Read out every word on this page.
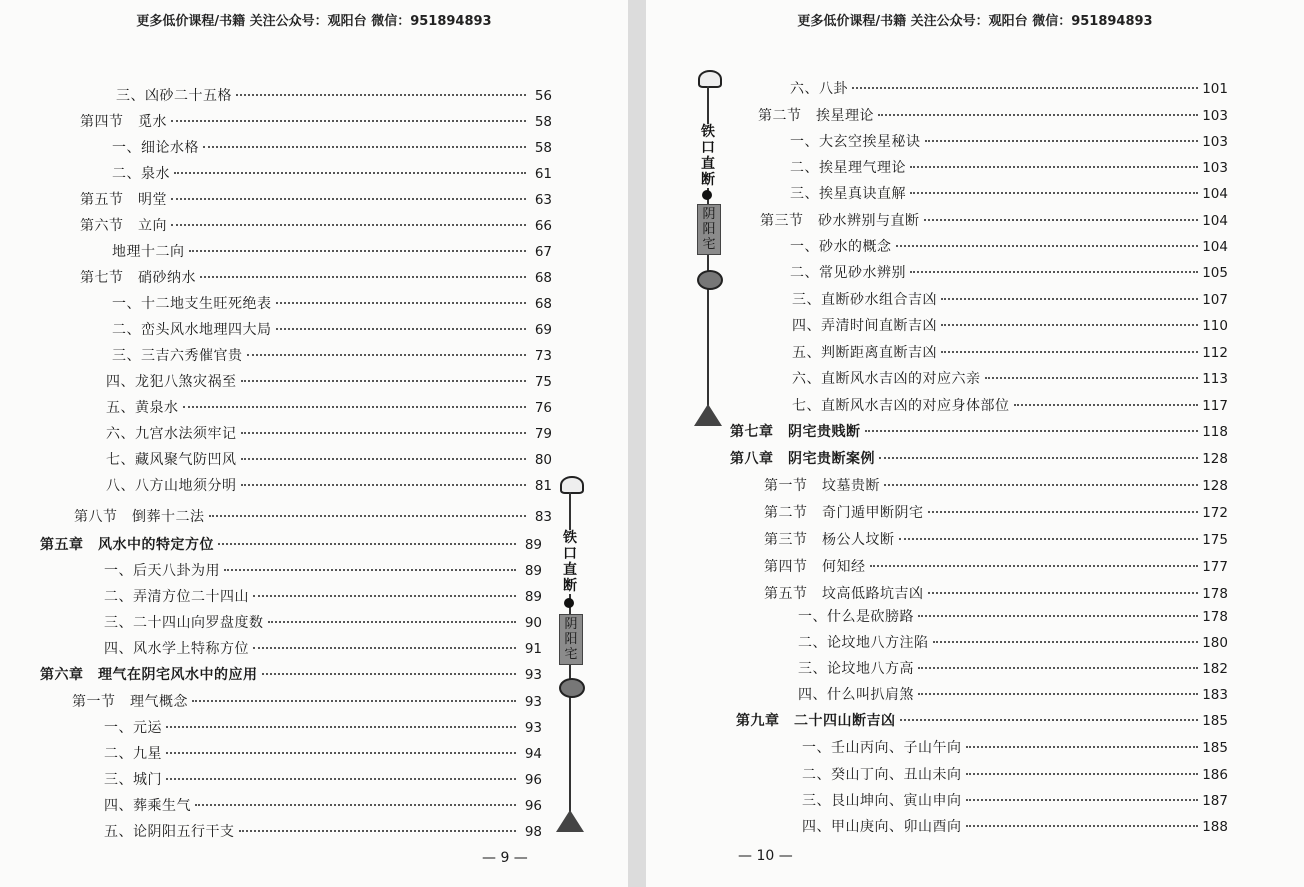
更多低价课程/书籍 关注公众号：观阳台 微信：951894893
三、凶砂二十五格	56
第四节　觅水	58
一、细论水格	58
二、泉水	61
第五节　明堂	63
第六节　立向	66
地理十二向	67
第七节　硝砂纳水	68
一、十二地支生旺死绝表	68
二、峦头风水地理四大局	69
三、三吉六秀催官贵	73
四、龙犯八煞灾祸至	75
五、黄泉水	76
六、九宫水法须牢记	79
七、藏风聚气防凹风	80
八、八方山地须分明	81
第八节　倒葬十二法	83
第五章　风水中的特定方位	89
一、后天八卦为用	89
二、弄清方位二十四山	89
三、二十四山向罗盘度数	90
四、风水学上特称方位	91
第六章　理气在阴宅风水中的应用	93
第一节　理气概念	93
一、元运	93
二、九星	94
三、城门	96
四、葬乘生气	96
五、论阴阳五行干支	98
— 9 —
铁
口
直
断
阴
阳
宅
更多低价课程/书籍 关注公众号：观阳台 微信：951894893
铁
口
直
断
阴
阳
宅
六、八卦	101
第二节　挨星理论	103
一、大玄空挨星秘诀	103
二、挨星理气理论	103
三、挨星真诀直解	104
第三节　砂水辨别与直断	104
一、砂水的概念	104
二、常见砂水辨别	105
三、直断砂水组合吉凶	107
四、弄清时间直断吉凶	110
五、判断距离直断吉凶	112
六、直断风水吉凶的对应六亲	113
七、直断风水吉凶的对应身体部位	117
第七章　阴宅贵贱断	118
第八章　阴宅贵断案例	128
第一节　坟墓贵断	128
第二节　奇门遁甲断阴宅	172
第三节　杨公人坟断	175
第四节　何知经	177
第五节　坟高低路坑吉凶	178
一、什么是砍膀路	178
二、论坟地八方注陷	180
三、论坟地八方高	182
四、什么叫扒肩煞	183
第九章　二十四山断吉凶	185
一、壬山丙向、子山午向	185
二、癸山丁向、丑山未向	186
三、艮山坤向、寅山申向	187
四、甲山庚向、卯山酉向	188
— 10 —
